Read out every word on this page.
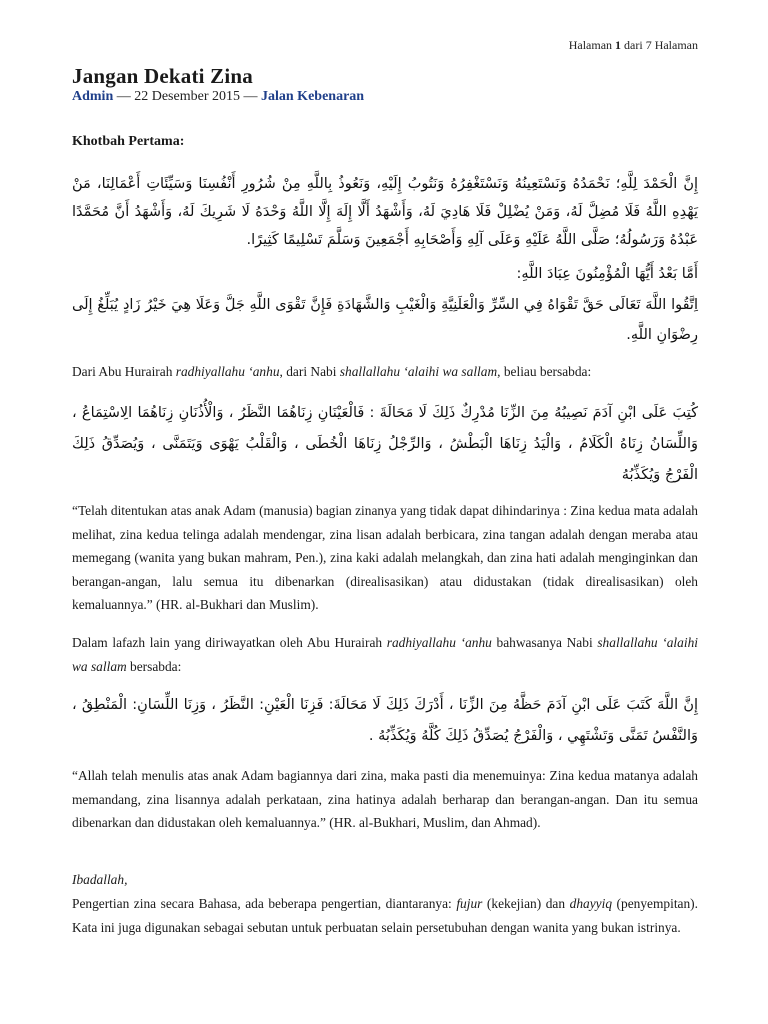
Halaman 1 dari 7 Halaman
Jangan Dekati Zina
Admin — 22 Desember 2015 — Jalan Kebenaran
Khotbah Pertama:

إِنَّ الْحَمْدَ لِلَّهِ؛ نَحْمَدُهُ وَنَسْتَعِينُهُ وَنَسْتَغْفِرُهُ وَنَتُوبُ إِلَيْهِ، وَنَعُوذُ بِاللَّهِ مِنْ شُرُورِ أَنْفُسِنَا وَسَيِّئَاتِ أَعْمَالِنَا، مَنْ يَهْدِهِ اللَّهُ فَلَا مُضِلَّ لَهُ، وَمَنْ يُضْلِلْ فَلَا هَادِيَ لَهُ، وَأَشْهَدُ أَلَّا إِلَهَ إِلَّا اللَّهُ وَحْدَهُ لَا شَرِيكَ لَهُ، وَأَشْهَدُ أَنَّ مُحَمَّدًا عَبْدُهُ وَرَسُولُهُ؛ صَلَّى اللَّهُ عَلَيْهِ وَعَلَى آلِهِ وَأَصْحَابِهِ أَجْمَعِينَ وَسَلَّمَ تَسْلِيمًا كَثِيرًا.

أَمَّا بَعْدُ أَيُّهَا الْمُؤْمِنُونَ عِبَادَ اللَّهِ:

اِتَّقُوا اللَّهَ تَعَالَى حَقَّ تَقْوَاهُ فِي السِّرِّ وَالْعَلَنِيَّةِ وَالْغَيْبِ وَالشَّهَادَةِ فَإِنَّ تَقْوَى اللَّهِ جَلَّ وَعَلَا هِيَ خَيْرُ زَادٍ يُبَلِّغُ إِلَى رِضْوَانِ اللَّهِ.

Dari Abu Hurairah radhiyallahu ‘anhu, dari Nabi shallallahu ‘alaihi wa sallam, beliau bersabda:

كُتِبَ عَلَى ابْنِ آدَمَ نَصِيبُهُ مِنَ الزِّنَا مُدْرِكٌ ذَلِكَ لَا مَحَالَةَ : فَالْعَيْنَانِ زِنَاهُمَا النَّظَرُ ، وَالْأُذُنَانِ زِنَاهُمَا الِاسْتِمَاعُ ، وَاللِّسَانُ زِنَاهُ الْكَلَامُ ، وَالْيَدُ زِنَاهَا الْبَطْشُ ، وَالرِّجْلُ زِنَاهَا الْخُطَى ، وَالْقَلْبُ يَهْوَى وَيَتَمَنَّى ، وَيُصَدِّقُ ذَلِكَ الْفَرْجُ وَيُكَذِّبُهُ

“Telah ditentukan atas anak Adam (manusia) bagian zinanya yang tidak dapat dihindarinya : Zina kedua mata adalah melihat, zina kedua telinga adalah mendengar, zina lisan adalah berbicara, zina tangan adalah dengan meraba atau memegang (wanita yang bukan mahram, Pen.), zina kaki adalah melangkah, dan zina hati adalah menginginkan dan berangan-angan, lalu semua itu dibenarkan (direalisasikan) atau didustakan (tidak direalisasikan) oleh kemaluannya.” (HR. al-Bukhari dan Muslim).

Dalam lafazh lain yang diriwayatkan oleh Abu Hurairah radhiyallahu ‘anhu bahwasanya Nabi shallallahu ‘alaihi wa sallam bersabda:

إِنَّ اللَّهَ كَتَبَ عَلَى ابْنِ آدَمَ حَظَّهُ مِنَ الزِّنَا ، أَدْرَكَ ذَلِكَ لَا مَحَالَةَ: فَزِنَا الْعَيْنِ: النَّظَرُ ، وَزِنَا اللِّسَانِ: الْمَنْطِقُ ، وَالنَّفْسُ تَمَنَّى وَتَشْتَهِي ، وَالْفَرْجُ يُصَدِّقُ ذَلِكَ كُلَّهُ وَيُكَذِّبُهُ .

“Allah telah menulis atas anak Adam bagiannya dari zina, maka pasti dia menemuinya: Zina kedua matanya adalah memandang, zina lisannya adalah perkataan, zina hatinya adalah berharap dan berangan-angan. Dan itu semua dibenarkan dan didustakan oleh kemaluannya.” (HR. al-Bukhari, Muslim, dan Ahmad).

Ibadallah,

Pengertian zina secara Bahasa, ada beberapa pengertian, diantaranya: fujur (kekejian) dan dhayyiq (penyempitan). Kata ini juga digunakan sebagai sebutan untuk perbuatan selain persetubuhan dengan wanita yang bukan istrinya.
